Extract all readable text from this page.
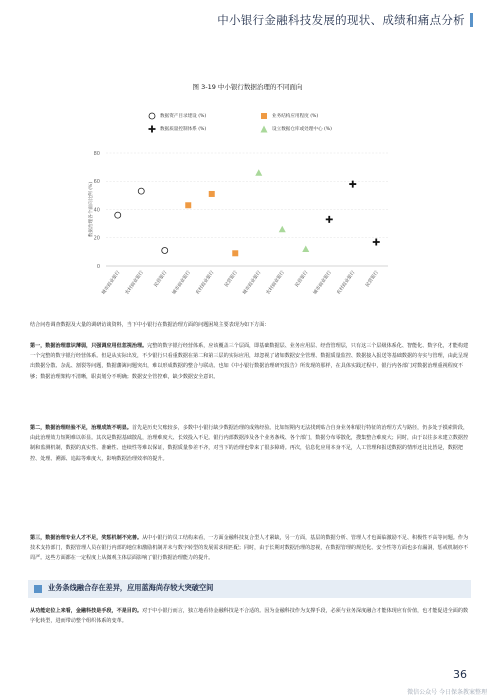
中小银行金融科技发展的现状、成绩和痛点分析
图 3-19 中小银行数据治理的不同面向
数据资产目录建设 (%)	业务结构应用程度 (%)
数据质量控制体系 (%)	设立数据仓库或处理中心 (%)
0
20
40
60
80
数据治理各个面向比例 (%)
城市商业银行 农村商业银行	民营银行 城市商业银行 农村商业银行	民营银行 城市商业银行 农村商业银行	民营银行 城市商业银行 农村商业银行	民营银行

结合问卷调查数据及大量的调研访谈资料，当下中小银行在数据治理方面的问题困境主要表现为如下方面：

第一，数据治理意识薄弱，只强调应用但忽视治理。完整的数字银行经营体系，应该覆盖三个层面，即基础数据层、业务应用层、经营管理层，只有这三个层级体系化、智能化、数字化，才能构建一个完整的数字银行经营体系。但是从实际出发，不少银行只看重数据在第二和第三层的实际应用，却忽视了诸如数据安全管理、数据质量监控、数据接入报送等基础数据的夯实与管理，由此呈现出数据分散、杂乱、割裂等问题，数据藩篱问题突出，难以形成数据的整合与联动。也如《中小银行数据治理研究报告》所发现的那样，在具体实践过程中，银行内各部门对数据治理重视程度不够；数据治理架构不清晰，职责划分不明确；数据安全管控难，缺少数据安全意识。

第二，数据治理经验不足，治理成效不明显。首先是历史欠账较多，多数中小银行缺少数据治理的成熟经验。比如短期内无法找到贴合自身业务和银行特征的治理方式与路径，仍多处于摸索阶段，由此治理效力短期难以彰显。其次是数据基础散乱，治理难度大、长效投入不足。银行内部数据涉及各个业务条线、各个部门，数据分布零散化，搜集整合难度大；同时，由于以往多未建立数据控制和监测机制，数据的真实性、准确性、连续性等难以保证，数据质量参差不齐，对当下的治理也带来了很多障碍。再次，信息化应用本身不足，人工管理和报送数据的情形还比比皆是，数据把控、处理、溯源、追踪等难度大，影响数据治理效率的提升。

第三，数据治理专业人才不足，奖惩机制不完善。从中小银行的员工结构来看，一方面金融科技复合型人才紧缺，另一方面，基层的数据分析、管理人才也面临激励不足、积极性不高等问题。作为技术支持部门，数据管理人员在银行内部的地位和激励机制并未与数字转型的发展需求相匹配；同时，由于长期对数据治理的忽视，在数据管理的规范化、安全性等方面也多有漏洞，惩戒机制亦不周严。这些方面都在一定程度上从微观主体层面影响了银行数据治理能力的提升。

业务条线融合存在差异，应用蓝海尚存较大突破空间

从功能定位上来看，金融科技是手段，不是目的。对于中小银行而言，独立地看待金融科技是不合适的。因为金融科技作为支撑手段，必须与业务深度融合才能体现应有价值，也才能促进全面的数字化转型，进而带动整个组织体系的变革。

36
微信公众号 今日保条教案整理
